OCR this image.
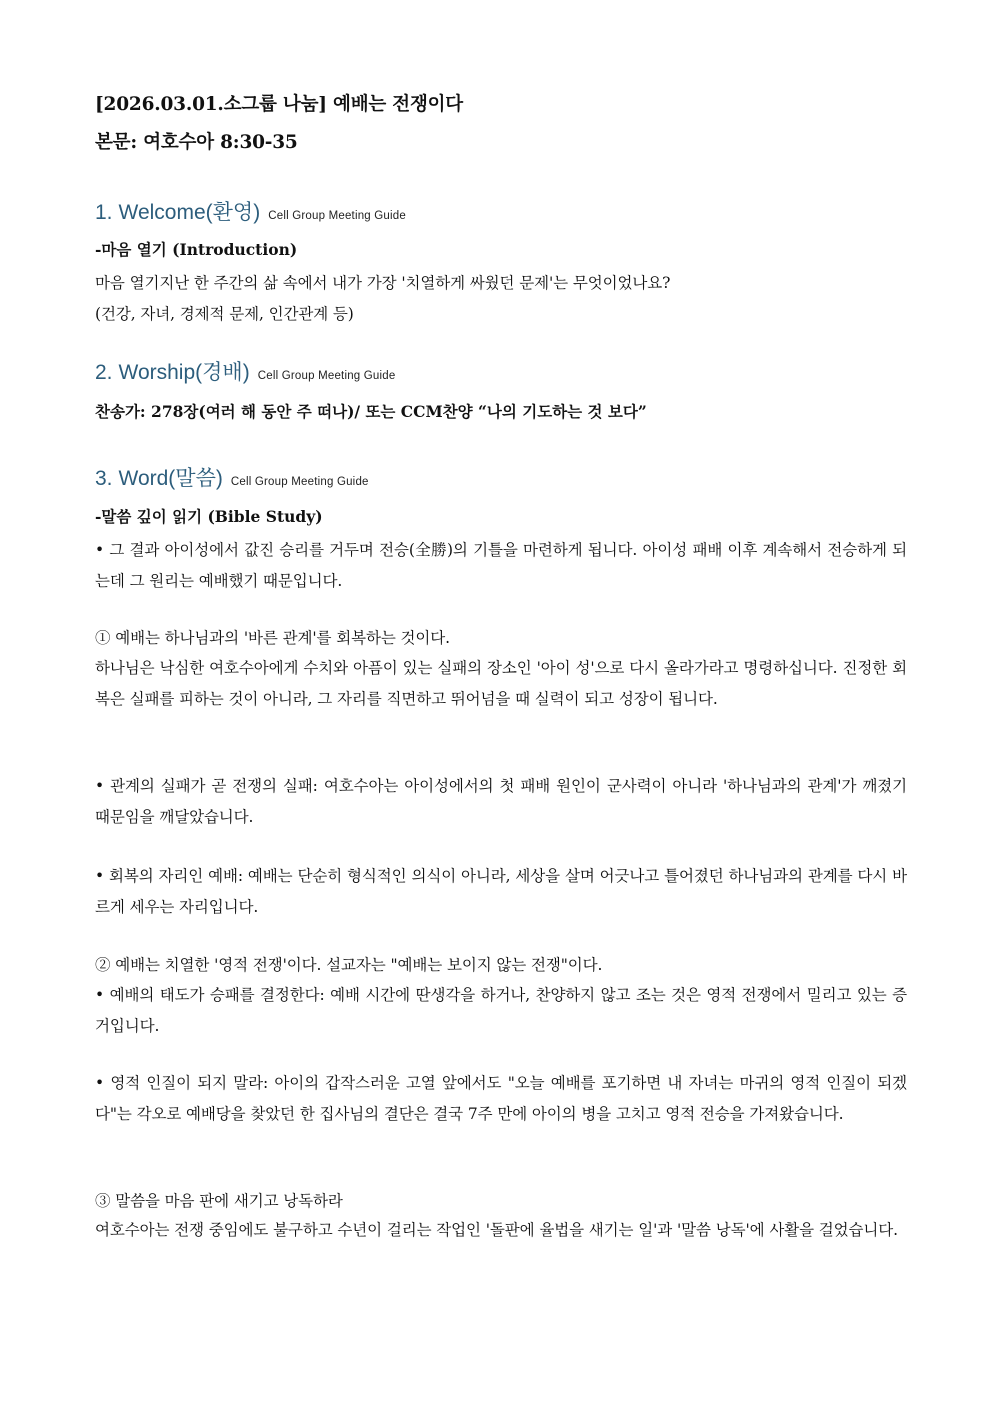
[2026.03.01.소그룹 나눔] 예배는 전쟁이다
본문: 여호수아 8:30-35
1. Welcome(환영) Cell Group Meeting Guide
-마음 열기 (Introduction)
마음 열기지난 한 주간의 삶 속에서 내가 가장 '치열하게 싸웠던 문제'는 무엇이었나요?
(건강, 자녀, 경제적 문제, 인간관계 등)
2. Worship(경배) Cell Group Meeting Guide
찬송가: 278장(여러 해 동안 주 떠나)/ 또는 CCM찬양 “나의 기도하는 것 보다”
3. Word(말씀) Cell Group Meeting Guide
-말씀 깊이 읽기 (Bible Study)
• 그 결과 아이성에서 값진 승리를 거두며 전승(全勝)의 기틀을 마련하게 됩니다. 아이성 패배 이후 계속해서 전승하게 되는데 그 원리는 예배했기 때문입니다.
① 예배는 하나님과의 '바른 관계'를 회복하는 것이다.
하나님은 낙심한 여호수아에게 수치와 아픔이 있는 실패의 장소인 '아이 성'으로 다시 올라가라고 명령하십니다. 진정한 회복은 실패를 피하는 것이 아니라, 그 자리를 직면하고 뛰어넘을 때 실력이 되고 성장이 됩니다.
• 관계의 실패가 곧 전쟁의 실패: 여호수아는 아이성에서의 첫 패배 원인이 군사력이 아니라 '하나님과의 관계'가 깨졌기 때문임을 깨달았습니다.
• 회복의 자리인 예배: 예배는 단순히 형식적인 의식이 아니라, 세상을 살며 어긋나고 틀어졌던 하나님과의 관계를 다시 바르게 세우는 자리입니다.
② 예배는 치열한 '영적 전쟁'이다. 설교자는 "예배는 보이지 않는 전쟁"이다.
• 예배의 태도가 승패를 결정한다: 예배 시간에 딴생각을 하거나, 찬양하지 않고 조는 것은 영적 전쟁에서 밀리고 있는 증거입니다.
• 영적 인질이 되지 말라: 아이의 갑작스러운 고열 앞에서도 "오늘 예배를 포기하면 내 자녀는 마귀의 영적 인질이 되겠다"는 각오로 예배당을 찾았던 한 집사님의 결단은 결국 7주 만에 아이의 병을 고치고 영적 전승을 가져왔습니다.
③ 말씀을 마음 판에 새기고 낭독하라
여호수아는 전쟁 중임에도 불구하고 수년이 걸리는 작업인 '돌판에 율법을 새기는 일'과 '말씀 낭독'에 사활을 걸었습니다.
